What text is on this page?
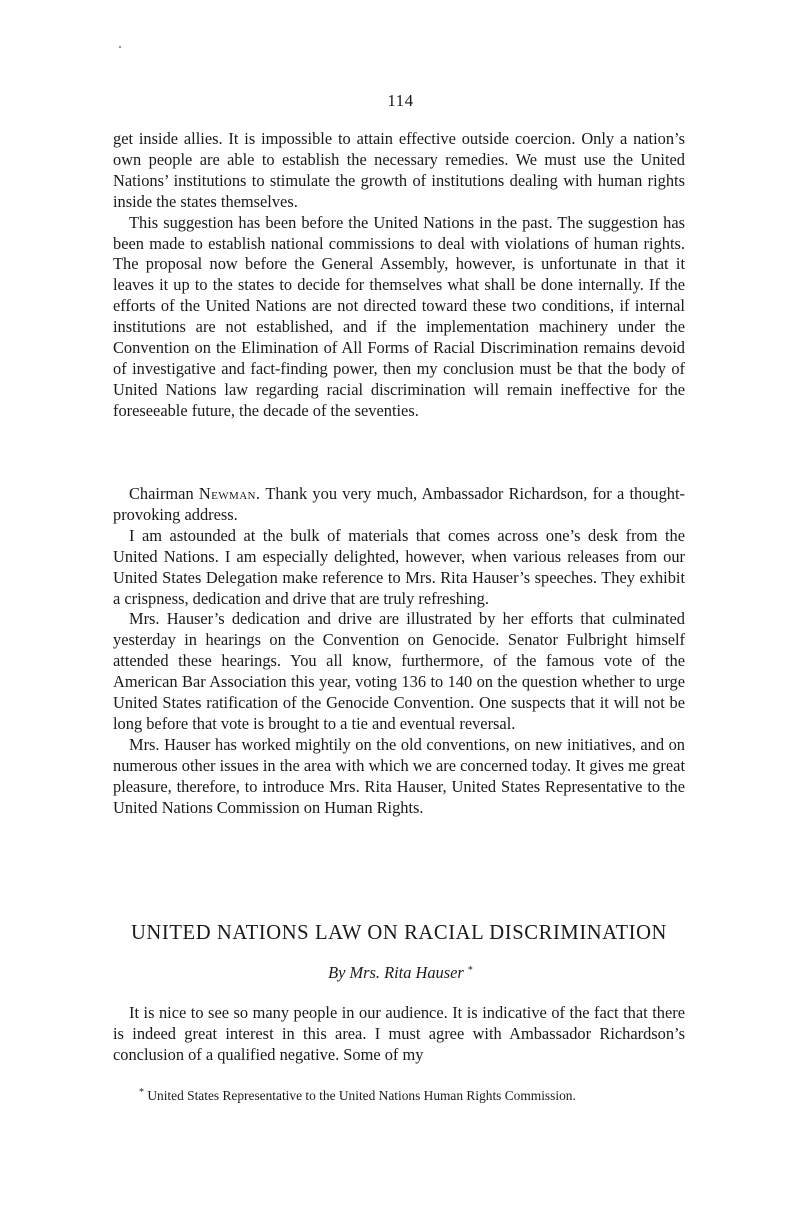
114

get inside allies. It is impossible to attain effective outside coercion. Only a nation’s own people are able to establish the necessary remedies. We must use the United Nations’ institutions to stimulate the growth of institutions dealing with human rights inside the states themselves.

This suggestion has been before the United Nations in the past. The suggestion has been made to establish national commissions to deal with violations of human rights. The proposal now before the General Assembly, however, is unfortunate in that it leaves it up to the states to decide for themselves what shall be done internally. If the efforts of the United Nations are not directed toward these two conditions, if internal institutions are not established, and if the implementation machinery under the Convention on the Elimination of All Forms of Racial Discrimination remains devoid of investigative and fact-finding power, then my conclusion must be that the body of United Nations law regarding racial discrimination will remain ineffective for the foreseeable future, the decade of the seventies.

Chairman Newman. Thank you very much, Ambassador Richardson, for a thought-provoking address.

I am astounded at the bulk of materials that comes across one’s desk from the United Nations. I am especially delighted, however, when various releases from our United States Delegation make reference to Mrs. Rita Hauser’s speeches. They exhibit a crispness, dedication and drive that are truly refreshing.

Mrs. Hauser’s dedication and drive are illustrated by her efforts that culminated yesterday in hearings on the Convention on Genocide. Senator Fulbright himself attended these hearings. You all know, furthermore, of the famous vote of the American Bar Association this year, voting 136 to 140 on the question whether to urge United States ratification of the Genocide Convention. One suspects that it will not be long before that vote is brought to a tie and eventual reversal.

Mrs. Hauser has worked mightily on the old conventions, on new initiatives, and on numerous other issues in the area with which we are concerned today. It gives me great pleasure, therefore, to introduce Mrs. Rita Hauser, United States Representative to the United Nations Commission on Human Rights.

UNITED NATIONS LAW ON RACIAL DISCRIMINATION
By Mrs. Rita Hauser *

It is nice to see so many people in our audience. It is indicative of the fact that there is indeed great interest in this area. I must agree with Ambassador Richardson’s conclusion of a qualified negative. Some of my

* United States Representative to the United Nations Human Rights Commission.
